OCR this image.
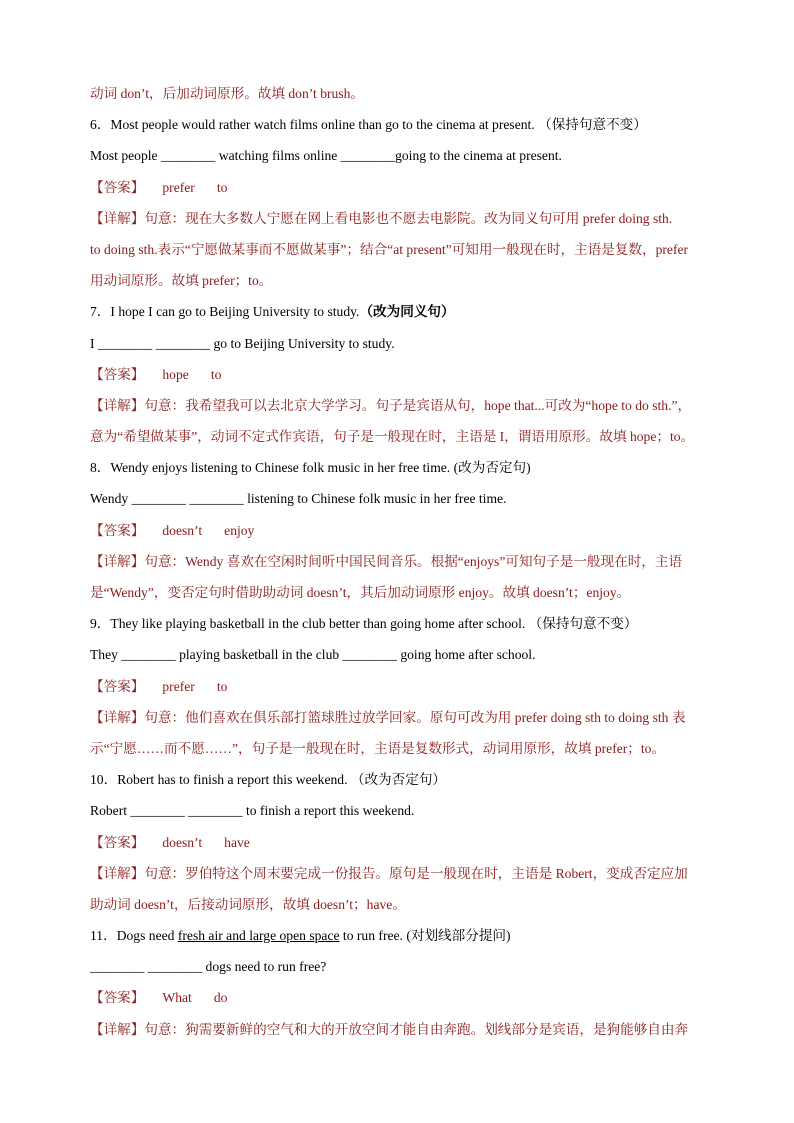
动词 don’t，后加动词原形。故填 don’t brush。
6．Most people would rather watch films online than go to the cinema at present. （保持句意不变）
Most people ________ watching films online ________going to the cinema at present.
【答案】 prefer to
【详解】句意：现在大多数人宁愿在网上看电影也不愿去电影院。改为同义句可用 prefer doing sth.
to doing sth.表示“宁愿做某事而不愿做某事”；结合“at present”可知用一般现在时，主语是复数，prefer
用动词原形。故填 prefer；to。
7．I hope I can go to Beijing University to study.（改为同义句）
I ________ ________ go to Beijing University to study.
【答案】 hope to
【详解】句意：我希望我可以去北京大学学习。句子是宾语从句，hope that...可改为“hope to do sth.”，
意为“希望做某事”，动词不定式作宾语，句子是一般现在时，主语是 I，谓语用原形。故填 hope；to。
8．Wendy enjoys listening to Chinese folk music in her free time. (改为否定句)
Wendy ________ ________ listening to Chinese folk music in her free time.
【答案】 doesn’t enjoy
【详解】句意：Wendy 喜欢在空闲时间听中国民间音乐。根据“enjoys”可知句子是一般现在时，主语
是“Wendy”，变否定句时借助助动词 doesn’t，其后加动词原形 enjoy。故填 doesn’t；enjoy。
9．They like playing basketball in the club better than going home after school. （保持句意不变）
They ________ playing basketball in the club ________ going home after school.
【答案】 prefer to
【详解】句意：他们喜欢在俱乐部打篮球胜过放学回家。原句可改为用 prefer doing sth to doing sth 表
示“宁愿……而不愿……”，句子是一般现在时，主语是复数形式，动词用原形，故填 prefer；to。
10．Robert has to finish a report this weekend. （改为否定句）
Robert ________ ________ to finish a report this weekend.
【答案】 doesn’t have
【详解】句意：罗伯特这个周末要完成一份报告。原句是一般现在时，主语是 Robert，变成否定应加
助动词 doesn’t，后接动词原形，故填 doesn’t；have。
11．Dogs need fresh air and large open space to run free. (对划线部分提问)
________ ________ dogs need to run free?
【答案】 What do
【详解】句意：狗需要新鲜的空气和大的开放空间才能自由奔跑。划线部分是宾语，是狗能够自由奔
